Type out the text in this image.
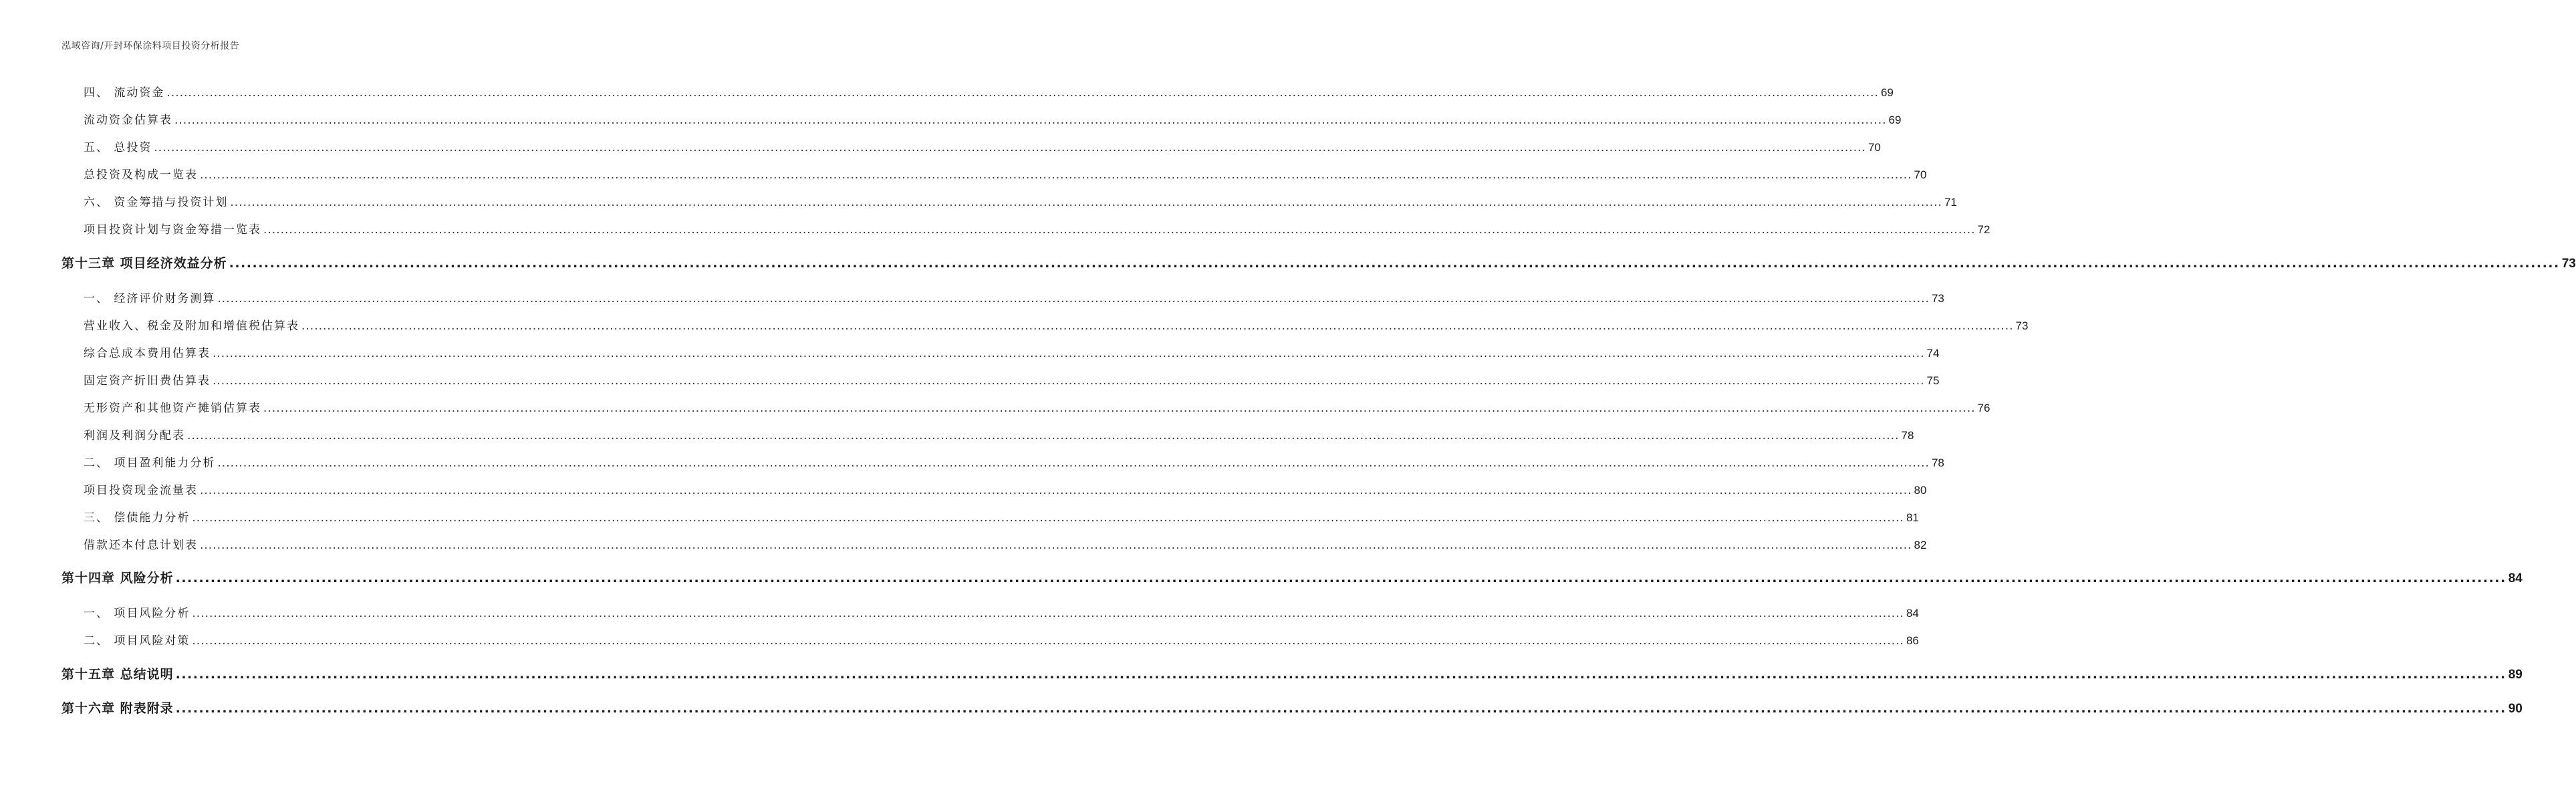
泓域咨询/开封环保涂料项目投资分析报告
四、 流动资金 ................................................................................................................................................................................................................................................................................................................................................................................................................ 69
流动资金估算表 ................................................................................................................................................................................................................................................................................................................................................................................................................ 69
五、 总投资 ................................................................................................................................................................................................................................................................................................................................................................................................................ 70
总投资及构成一览表 ................................................................................................................................................................................................................................................................................................................................................................................................................ 70
六、 资金筹措与投资计划 ................................................................................................................................................................................................................................................................................................................................................................................................................ 71
项目投资计划与资金筹措一览表 ................................................................................................................................................................................................................................................................................................................................................................................................................ 72
第十三章 项目经济效益分析 ................................................................................................................................................................................................................................................................................................................................................................................................................ 73
一、 经济评价财务测算 ................................................................................................................................................................................................................................................................................................................................................................................................................ 73
营业收入、税金及附加和增值税估算表 ................................................................................................................................................................................................................................................................................................................................................................................................................ 73
综合总成本费用估算表 ................................................................................................................................................................................................................................................................................................................................................................................................................ 74
固定资产折旧费估算表 ................................................................................................................................................................................................................................................................................................................................................................................................................ 75
无形资产和其他资产摊销估算表 ................................................................................................................................................................................................................................................................................................................................................................................................................ 76
利润及利润分配表 ................................................................................................................................................................................................................................................................................................................................................................................................................ 78
二、 项目盈利能力分析 ................................................................................................................................................................................................................................................................................................................................................................................................................ 78
项目投资现金流量表 ................................................................................................................................................................................................................................................................................................................................................................................................................ 80
三、 偿债能力分析 ................................................................................................................................................................................................................................................................................................................................................................................................................ 81
借款还本付息计划表 ................................................................................................................................................................................................................................................................................................................................................................................................................ 82
第十四章 风险分析 ................................................................................................................................................................................................................................................................................................................................................................................................................ 84
一、 项目风险分析 ................................................................................................................................................................................................................................................................................................................................................................................................................ 84
二、 项目风险对策 ................................................................................................................................................................................................................................................................................................................................................................................................................ 86
第十五章 总结说明 ................................................................................................................................................................................................................................................................................................................................................................................................................ 89
第十六章 附表附录 ................................................................................................................................................................................................................................................................................................................................................................................................................ 90
